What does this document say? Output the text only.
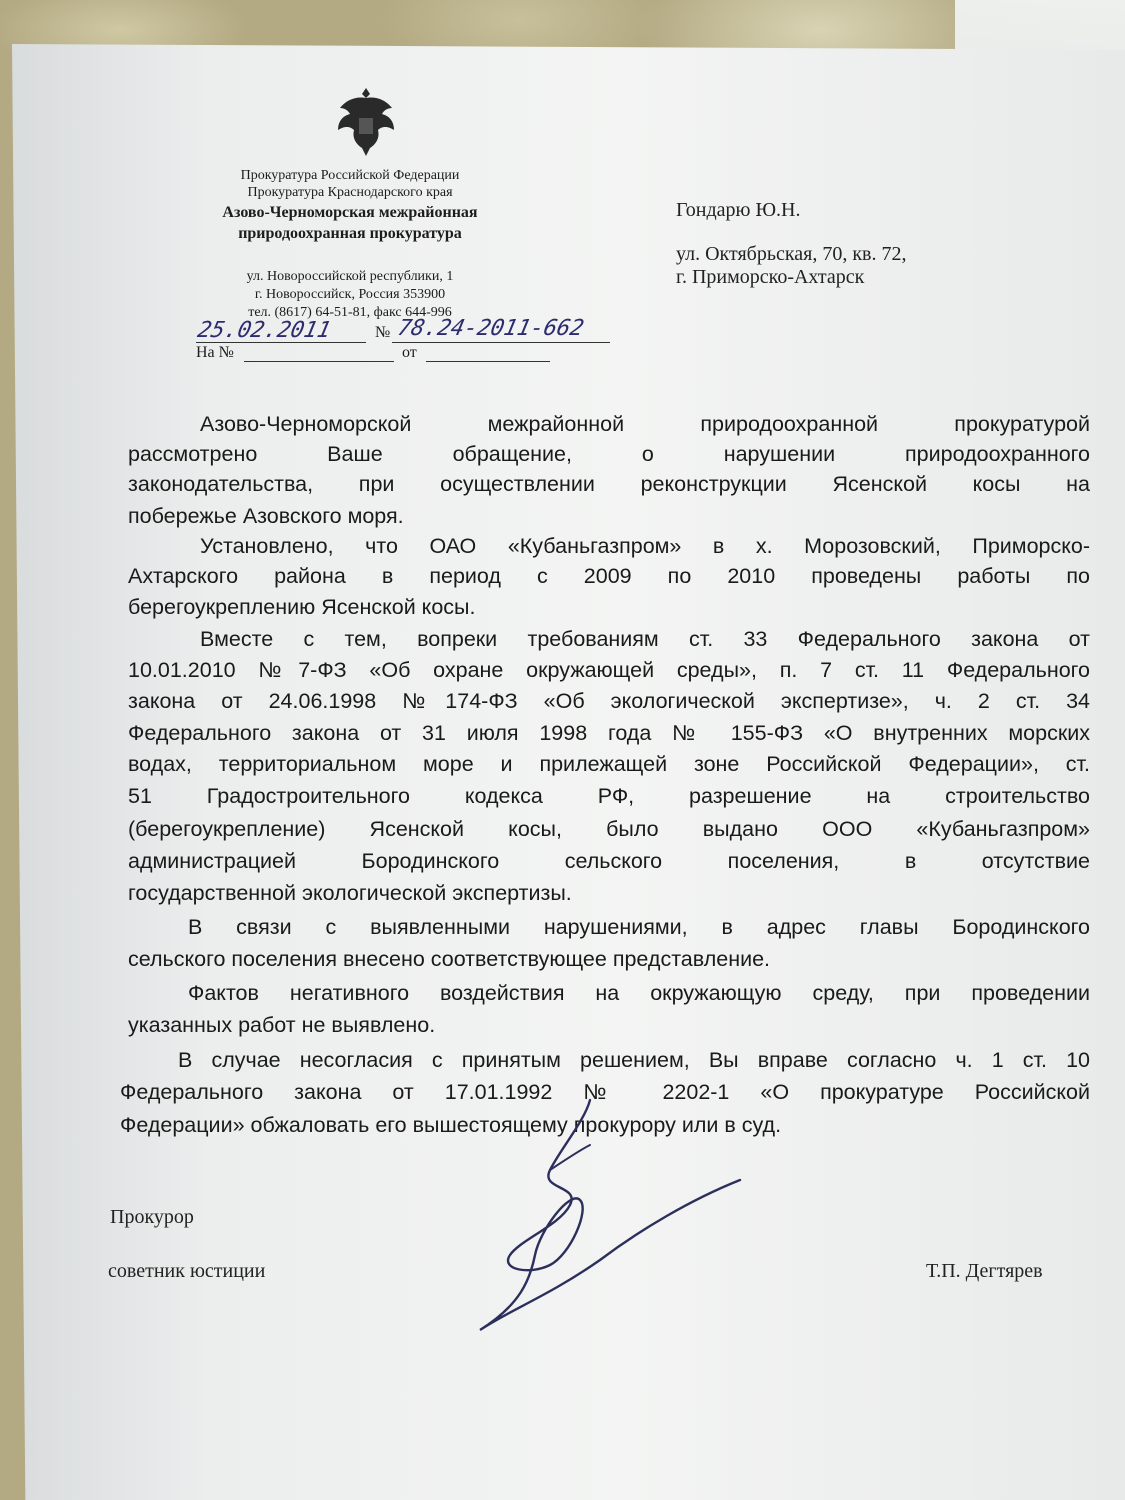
Прокуратура Российской Федерации
Прокуратура Краснодарского края
Азово-Черноморская межрайонная
природоохранная прокуратура
ул. Новороссийской республики, 1
г. Новороссийск, Россия 353900
тел. (8617) 64-51-81, факс 644-996
25.02.2011	№ 78.24-2011-662
На №	от
Гондарю Ю.Н.
ул. Октябрьская, 70, кв. 72,
г. Приморско-Ахтарск
Азово-Черноморской межрайонной природоохранной прокуратурой
рассмотрено Ваше обращение, о нарушении природоохранного
законодательства, при осуществлении реконструкции Ясенской косы на
побережье Азовского моря.
Установлено, что ОАО «Кубаньгазпром» в х. Морозовский, Приморско-
Ахтарского района в период с 2009 по 2010 проведены работы по
берегоукреплению Ясенской косы.
Вместе с тем, вопреки требованиям ст. 33 Федерального закона от
10.01.2010 №7-ФЗ «Об охране окружающей среды», п. 7 ст. 11 Федерального
закона от 24.06.1998 №174-ФЗ «Об экологической экспертизе», ч. 2 ст. 34
Федерального закона от 31 июля 1998 года № 155-ФЗ «О внутренних морских
водах, территориальном море и прилежащей зоне Российской Федерации», ст.
51 Градостроительного кодекса РФ, разрешение на строительство
(берегоукрепление) Ясенской косы, было выдано ООО «Кубаньгазпром»
администрацией Бородинского сельского поселения, в отсутствие
государственной экологической экспертизы.
В связи с выявленными нарушениями, в адрес главы Бородинского
сельского поселения внесено соответствующее представление.
Фактов негативного воздействия на окружающую среду, при проведении
указанных работ не выявлено.
В случае несогласия с принятым решением, Вы вправе согласно ч. 1 ст. 10
Федерального закона от 17.01.1992 № 2202-1 «О прокуратуре Российской
Федерации» обжаловать его вышестоящему прокурору или в суд.
Прокурор
советник юстиции	Т.П. Дегтярев
